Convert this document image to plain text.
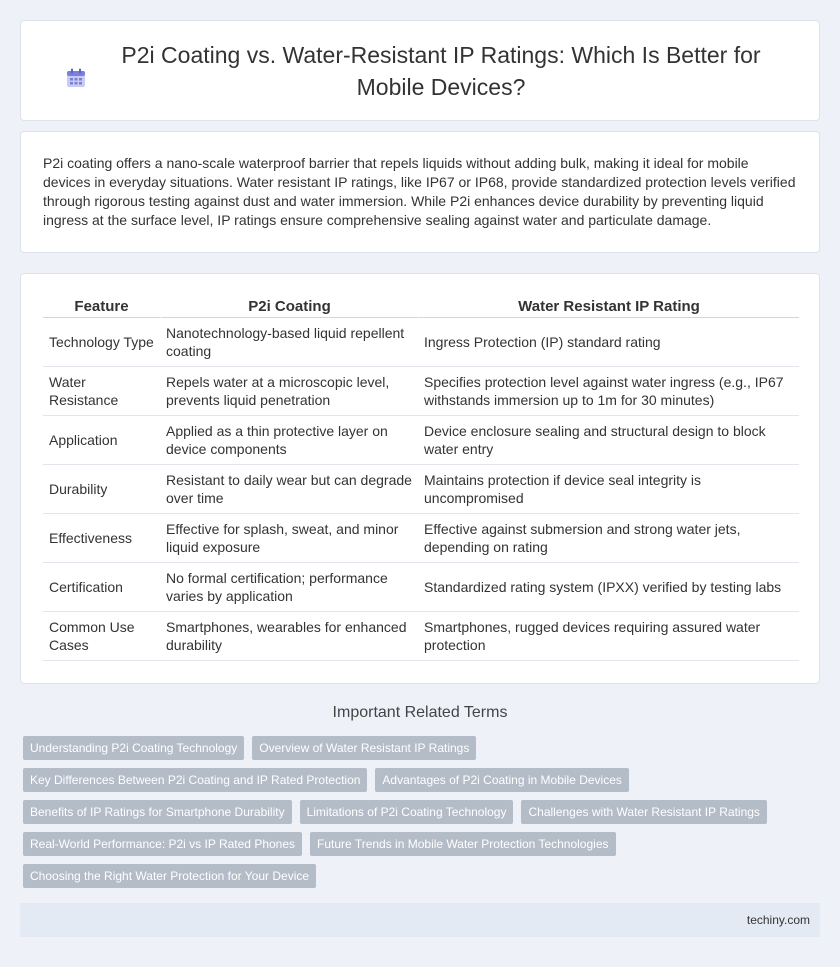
P2i Coating vs. Water-Resistant IP Ratings: Which Is Better for Mobile Devices?

P2i coating offers a nano-scale waterproof barrier that repels liquids without adding bulk, making it ideal for mobile devices in everyday situations. Water resistant IP ratings, like IP67 or IP68, provide standardized protection levels verified through rigorous testing against dust and water immersion. While P2i enhances device durability by preventing liquid ingress at the surface level, IP ratings ensure comprehensive sealing against water and particulate damage.

Feature	P2i Coating	Water Resistant IP Rating
Technology Type	Nanotechnology-based liquid repellent coating	Ingress Protection (IP) standard rating
Water Resistance	Repels water at a microscopic level, prevents liquid penetration	Specifies protection level against water ingress (e.g., IP67 withstands immersion up to 1m for 30 minutes)
Application	Applied as a thin protective layer on device components	Device enclosure sealing and structural design to block water entry
Durability	Resistant to daily wear but can degrade over time	Maintains protection if device seal integrity is uncompromised
Effectiveness	Effective for splash, sweat, and minor liquid exposure	Effective against submersion and strong water jets, depending on rating
Certification	No formal certification; performance varies by application	Standardized rating system (IPXX) verified by testing labs
Common Use Cases	Smartphones, wearables for enhanced durability	Smartphones, rugged devices requiring assured water protection
Important Related Terms
Understanding P2i Coating Technology	Overview of Water Resistant IP Ratings
Key Differences Between P2i Coating and IP Rated Protection	Advantages of P2i Coating in Mobile Devices
Benefits of IP Ratings for Smartphone Durability	Limitations of P2i Coating Technology	Challenges with Water Resistant IP Ratings
Real-World Performance: P2i vs IP Rated Phones	Future Trends in Mobile Water Protection Technologies
Choosing the Right Water Protection for Your Device
techiny.com
